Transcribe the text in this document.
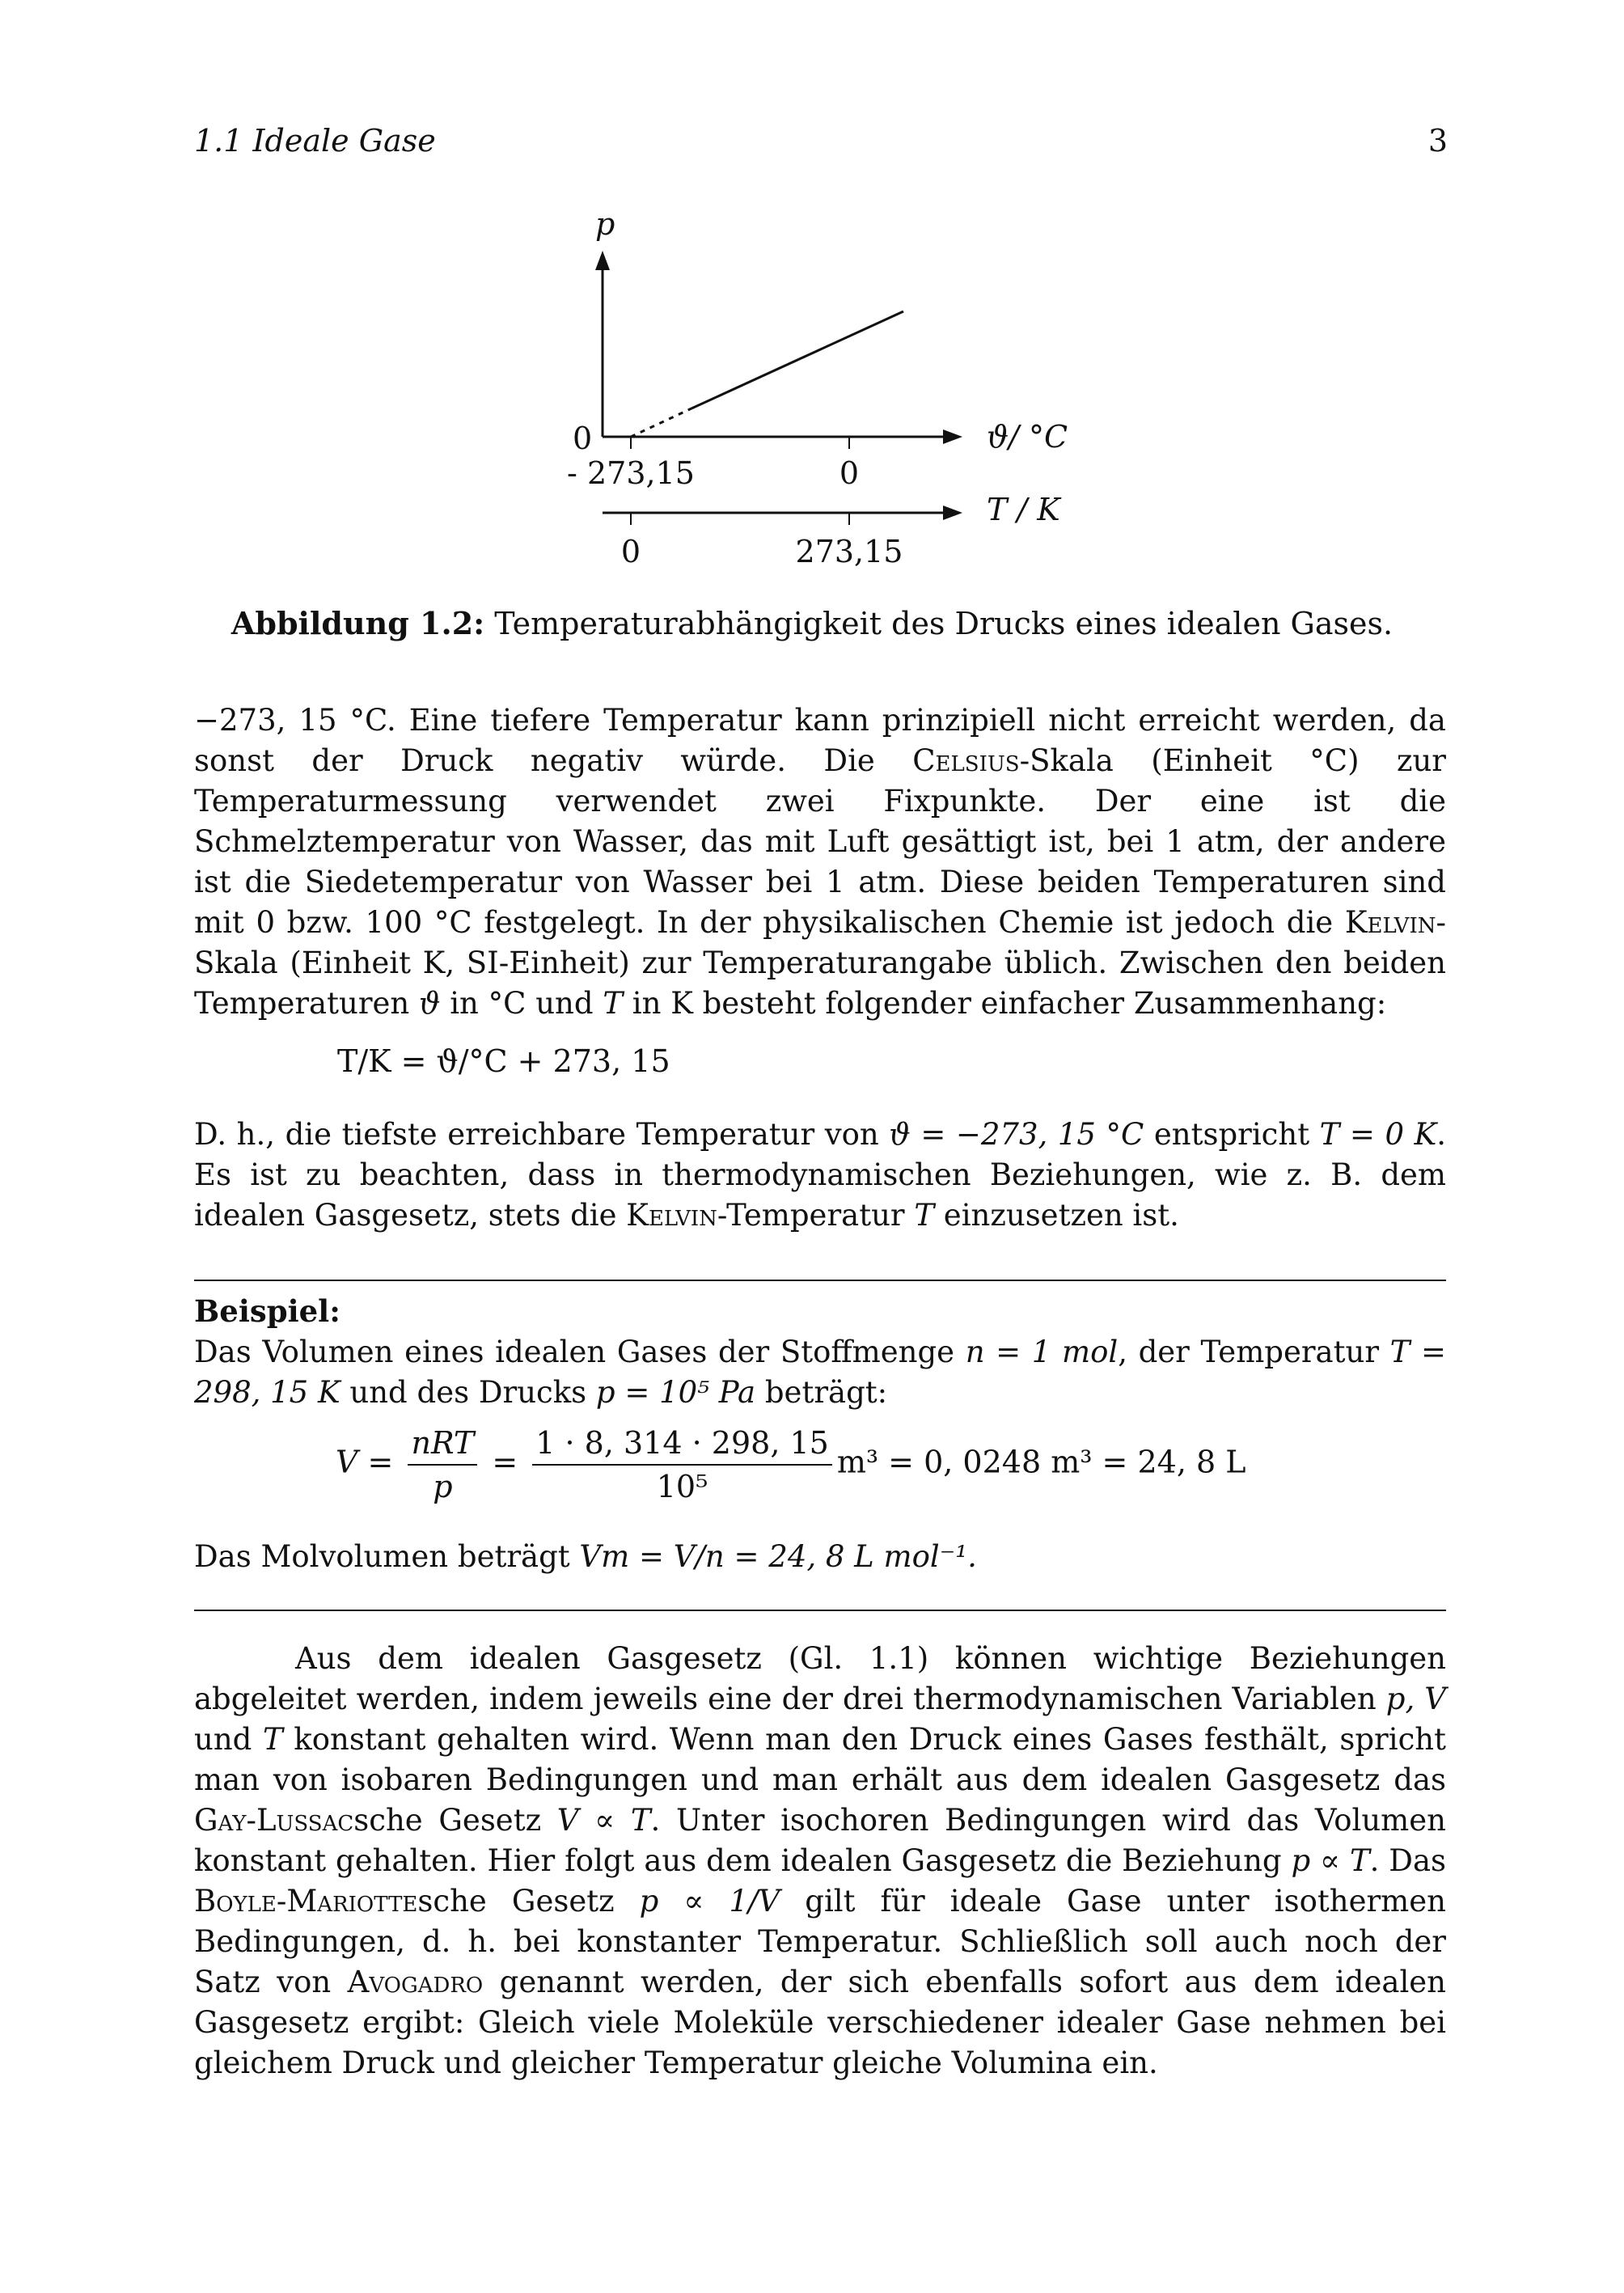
1.1 Ideale Gase	3
p
0
- 273,15	0
ϑ/ °C
0	273,15
T / K
Abbildung 1.2: Temperaturabhängigkeit des Drucks eines idealen Gases.

−273, 15 °C. Eine tiefere Temperatur kann prinzipiell nicht erreicht werden, da sonst der Druck negativ würde. Die Celsius-Skala (Einheit °C) zur Temperaturmessung verwendet zwei Fixpunkte. Der eine ist die Schmelztemperatur von Wasser, das mit Luft gesättigt ist, bei 1 atm, der andere ist die Siedetemperatur von Wasser bei 1 atm. Diese beiden Temperaturen sind mit 0 bzw. 100 °C festgelegt. In der physikalischen Chemie ist jedoch die Kelvin-Skala (Einheit K, SI-Einheit) zur Temperaturangabe üblich. Zwischen den beiden Temperaturen ϑ in °C und T in K besteht folgender einfacher Zusammenhang:

T/K = ϑ/°C + 273, 15

D. h., die tiefste erreichbare Temperatur von ϑ = −273, 15 °C entspricht T = 0 K. Es ist zu beachten, dass in thermodynamischen Beziehungen, wie z. B. dem idealen Gasgesetz, stets die Kelvin-Temperatur T einzusetzen ist.

Beispiel:

Das Volumen eines idealen Gases der Stoffmenge n = 1 mol, der Temperatur T = 298, 15 K und des Drucks p = 10⁵ Pa beträgt:

$V = \frac{\text{nRT}}{p} = \frac{1 \cdot 8, 314 \cdot 298, 15}{\text{10⁵}} m^3 = 0$, 0248 m³ = 24, 8 L

Das Molvolumen beträgt Vm = V/n = 24, 8 L mol⁻¹.

Aus dem idealen Gasgesetz (Gl. 1.1) können wichtige Beziehungen abgeleitet werden, indem jeweils eine der drei thermodynamischen Variablen p, V und T konstant gehalten wird. Wenn man den Druck eines Gases festhält, spricht man von isobaren Bedingungen und man erhält aus dem idealen Gasgesetz das Gay-Lussacsche Gesetz V ∝ T. Unter isochoren Bedingungen wird das Volumen konstant gehalten. Hier folgt aus dem idealen Gasgesetz die Beziehung p ∝ T. Das Boyle-Mariottesche Gesetz p ∝ 1/V gilt für ideale Gase unter isothermen Bedingungen, d. h. bei konstanter Temperatur. Schließlich soll auch noch der Satz von Avogadro genannt werden, der sich ebenfalls sofort aus dem idealen Gasgesetz ergibt: Gleich viele Moleküle verschiedener idealer Gase nehmen bei gleichem Druck und gleicher Temperatur gleiche Volumina ein.
